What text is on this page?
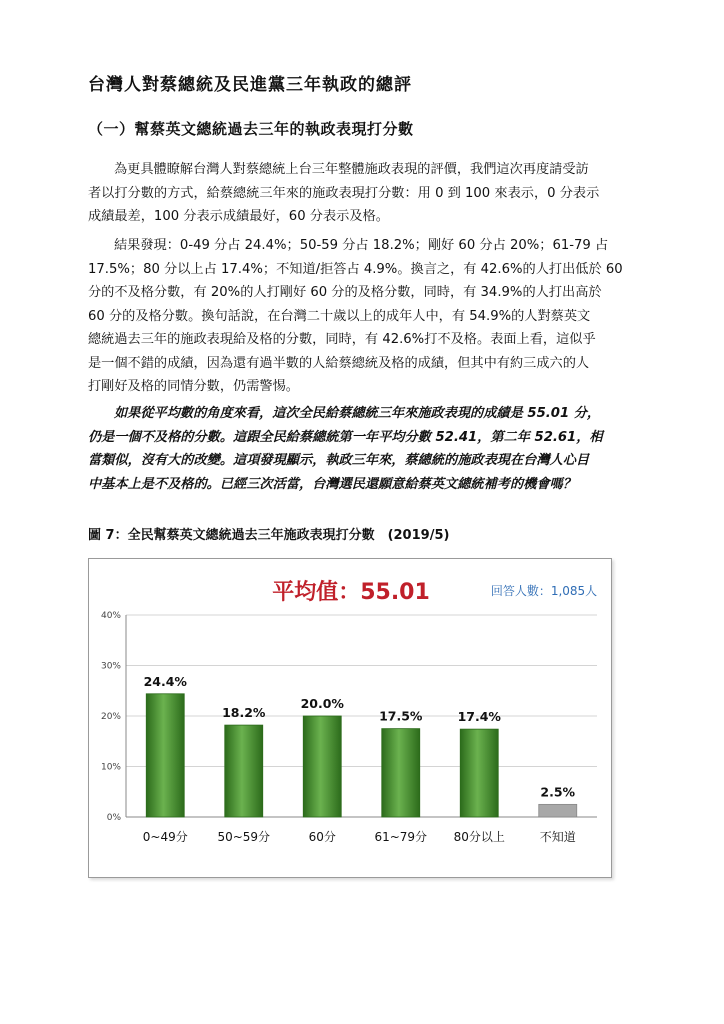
台灣人對蔡總統及民進黨三年執政的總評
（一）幫蔡英文總統過去三年的執政表現打分數
為更具體瞭解台灣人對蔡總統上台三年整體施政表現的評價，我們這次再度請受訪
者以打分數的方式，給蔡總統三年來的施政表現打分數：用 0 到 100 來表示，0 分表示
成績最差，100 分表示成績最好，60 分表示及格。
結果發現：0-49 分占 24.4%；50-59 分占 18.2%；剛好 60 分占 20%；61-79 占
17.5%；80 分以上占 17.4%；不知道/拒答占 4.9%。換言之，有 42.6%的人打出低於 60
分的不及格分數，有 20%的人打剛好 60 分的及格分數，同時，有 34.9%的人打出高於
60 分的及格分數。換句話說，在台灣二十歲以上的成年人中，有 54.9%的人對蔡英文
總統過去三年的施政表現給及格的分數，同時，有 42.6%打不及格。表面上看，這似乎
是一個不錯的成績，因為還有過半數的人給蔡總統及格的成績，但其中有約三成六的人
打剛好及格的同情分數，仍需警惕。
如果從平均數的角度來看，這次全民給蔡總統三年來施政表現的成績是 55.01 分，
仍是一個不及格的分數。這跟全民給蔡總統第一年平均分數 52.41，第二年 52.61，相
當類似，沒有大的改變。這項發現顯示，執政三年來，蔡總統的施政表現在台灣人心目
中基本上是不及格的。已經三次活當，台灣選民還願意給蔡英文總統補考的機會嗎？
圖 7：全民幫蔡英文總統過去三年施政表現打分數　(2019/5)
平均值：55.01	回答人數：1,085人
0%
10%
20%
30%
40%
24.4%
0~49分
18.2%
50~59分
20.0%
60分
17.5%
61~79分
17.4%
80分以上
2.5%
不知道
